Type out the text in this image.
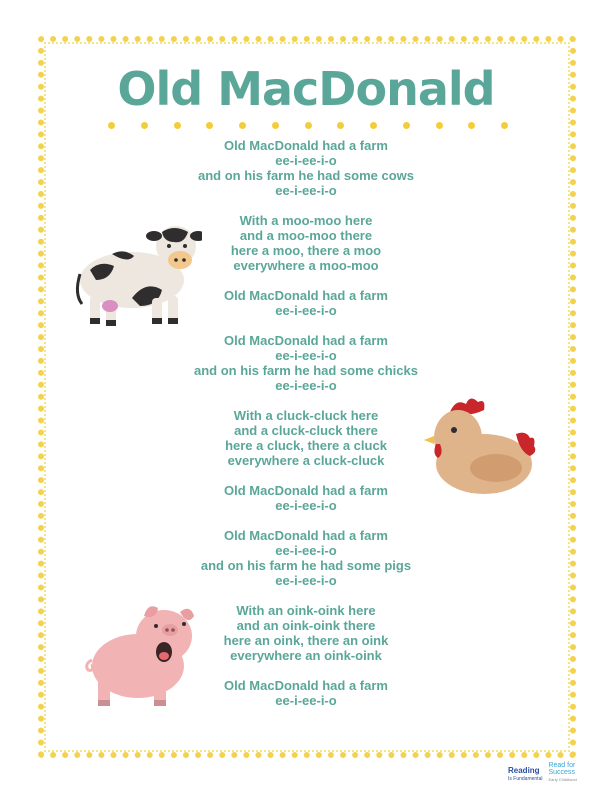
Old MacDonald
Old MacDonald had a farm
ee-i-ee-i-o
and on his farm he had some cows
ee-i-ee-i-o
With a moo-moo here
and a moo-moo there
here a moo, there a moo
everywhere a moo-moo
Old MacDonald had a farm
ee-i-ee-i-o
Old MacDonald had a farm
ee-i-ee-i-o
and on his farm he had some chicks
ee-i-ee-i-o
With a cluck-cluck here
and a cluck-cluck there
here a cluck, there a cluck
everywhere a cluck-cluck
Old MacDonald had a farm
ee-i-ee-i-o
Old MacDonald had a farm
ee-i-ee-i-o
and on his farm he had some pigs
ee-i-ee-i-o
With an oink-oink here
and an oink-oink there
here an oink, there an oink
everywhere an oink-oink
Old MacDonald had a farm
ee-i-ee-i-o
Reading
Is Fundamental
Read for Success
Early Childhood
